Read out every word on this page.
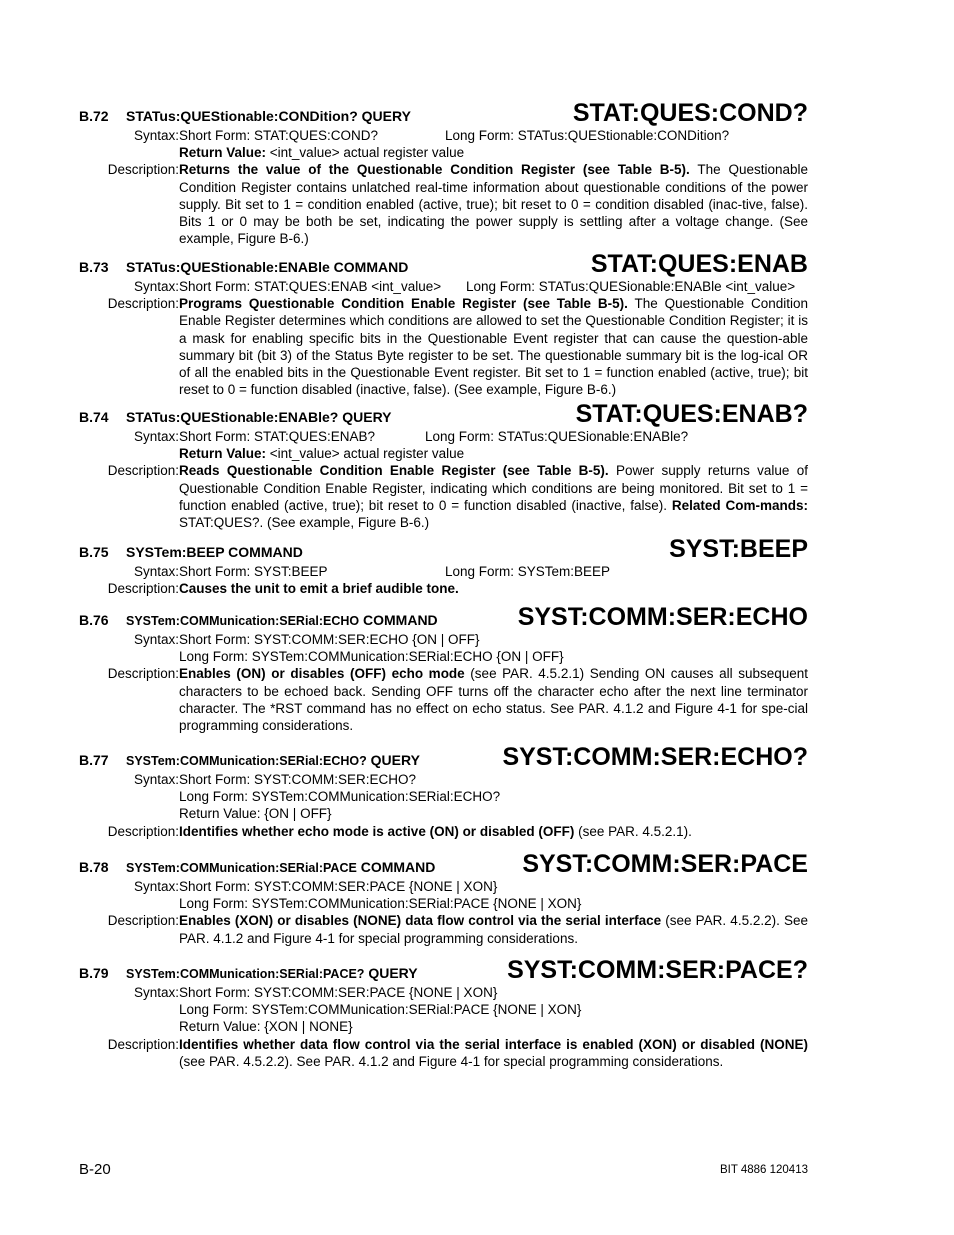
B.72 STATus:QUEStionable:CONDition? QUERY	STAT:QUES:COND?
Syntax: Short Form: STAT:QUES:COND?	Long Form: STATus:QUEStionable:CONDition?
Return Value: <int_value> actual register value
Description: Returns the value of the Questionable Condition Register (see Table B-5). The Questionable Condition Register contains unlatched real-time information about questionable conditions of the power supply. Bit set to 1 = condition enabled (active, true); bit reset to 0 = condition disabled (inac-tive, false). Bits 1 or 0 may be both be set, indicating the power supply is settling after a voltage change. (See example, Figure B-6.)
B.73 STATus:QUEStionable:ENABle COMMAND	STAT:QUES:ENAB
Syntax: Short Form: STAT:QUES:ENAB <int_value> Long Form: STATus:QUESionable:ENABle <int_value>
Description: Programs Questionable Condition Enable Register (see Table B-5). The Questionable Condition Enable Register determines which conditions are allowed to set the Questionable Condition Register; it is a mask for enabling specific bits in the Questionable Event register that can cause the question-able summary bit (bit 3) of the Status Byte register to be set. The questionable summary bit is the log-ical OR of all the enabled bits in the Questionable Event register. Bit set to 1 = function enabled (active, true); bit reset to 0 = function disabled (inactive, false). (See example, Figure B-6.)
B.74 STATus:QUEStionable:ENABle? QUERY	STAT:QUES:ENAB?
Syntax: Short Form: STAT:QUES:ENAB?	Long Form: STATus:QUESionable:ENABle?
Return Value: <int_value> actual register value
Description: Reads Questionable Condition Enable Register (see Table B-5). Power supply returns value of Questionable Condition Enable Register, indicating which conditions are being monitored. Bit set to 1 = function enabled (active, true); bit reset to 0 = function disabled (inactive, false). Related Com-mands: STAT:QUES?. (See example, Figure B-6.)
B.75 SYSTem:BEEP COMMAND	SYST:BEEP
Syntax: Short Form: SYST:BEEP	Long Form: SYSTem:BEEP
Description: Causes the unit to emit a brief audible tone.
B.76 SYSTem:COMMunication:SERial:ECHO COMMAND	SYST:COMM:SER:ECHO
Syntax: Short Form: SYST:COMM:SER:ECHO {ON | OFF}
Long Form: SYSTem:COMMunication:SERial:ECHO {ON | OFF}
Description: Enables (ON) or disables (OFF) echo mode (see PAR. 4.5.2.1) Sending ON causes all subsequent characters to be echoed back. Sending OFF turns off the character echo after the next line terminator character. The *RST command has no effect on echo status. See PAR. 4.1.2 and Figure 4-1 for spe-cial programming considerations.
B.77 SYSTem:COMMunication:SERial:ECHO? QUERY	SYST:COMM:SER:ECHO?
Syntax: Short Form: SYST:COMM:SER:ECHO?
Long Form: SYSTem:COMMunication:SERial:ECHO?
Return Value: {ON | OFF}
Description: Identifies whether echo mode is active (ON) or disabled (OFF) (see PAR. 4.5.2.1).
B.78 SYSTem:COMMunication:SERial:PACE COMMAND	SYST:COMM:SER:PACE
Syntax: Short Form: SYST:COMM:SER:PACE {NONE | XON}
Long Form: SYSTem:COMMunication:SERial:PACE {NONE | XON}
Description: Enables (XON) or disables (NONE) data flow control via the serial interface (see PAR. 4.5.2.2). See PAR. 4.1.2 and Figure 4-1 for special programming considerations.
B.79 SYSTem:COMMunication:SERial:PACE? QUERY	SYST:COMM:SER:PACE?
Syntax: Short Form: SYST:COMM:SER:PACE {NONE | XON}
Long Form: SYSTem:COMMunication:SERial:PACE {NONE | XON}
Return Value: {XON | NONE}
Description: Identifies whether data flow control via the serial interface is enabled (XON) or disabled (NONE) (see PAR. 4.5.2.2). See PAR. 4.1.2 and Figure 4-1 for special programming considerations.
B-20	BIT 4886 120413
